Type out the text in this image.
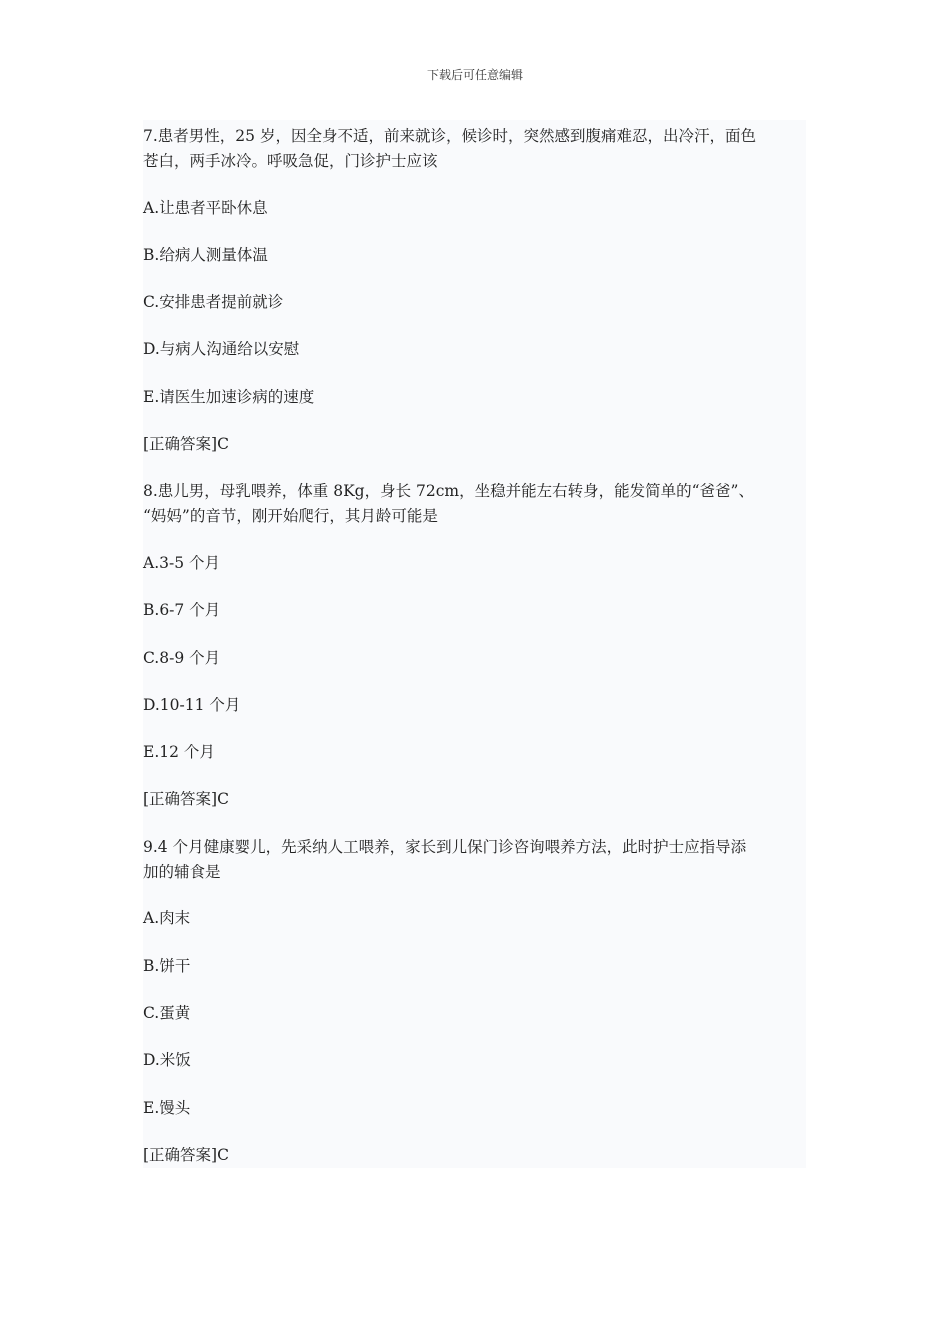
下载后可任意编辑
7.患者男性，25 岁，因全身不适，前来就诊，候诊时，突然感到腹痛难忍，出冷汗，面色
苍白，两手冰冷。呼吸急促，门诊护士应该
A.让患者平卧休息
B.给病人测量体温
C.安排患者提前就诊
D.与病人沟通给以安慰
E.请医生加速诊病的速度
[正确答案]C
8.患儿男，母乳喂养，体重 8Kg，身长 72cm，坐稳并能左右转身，能发简单的“爸爸”、
“妈妈”的音节，刚开始爬行，其月龄可能是
A.3-5 个月
B.6-7 个月
C.8-9 个月
D.10-11 个月
E.12 个月
[正确答案]C
9.4 个月健康婴儿，先采纳人工喂养，家长到儿保门诊咨询喂养方法，此时护士应指导添
加的辅食是
A.肉末
B.饼干
C.蛋黄
D.米饭
E.馒头
[正确答案]C
